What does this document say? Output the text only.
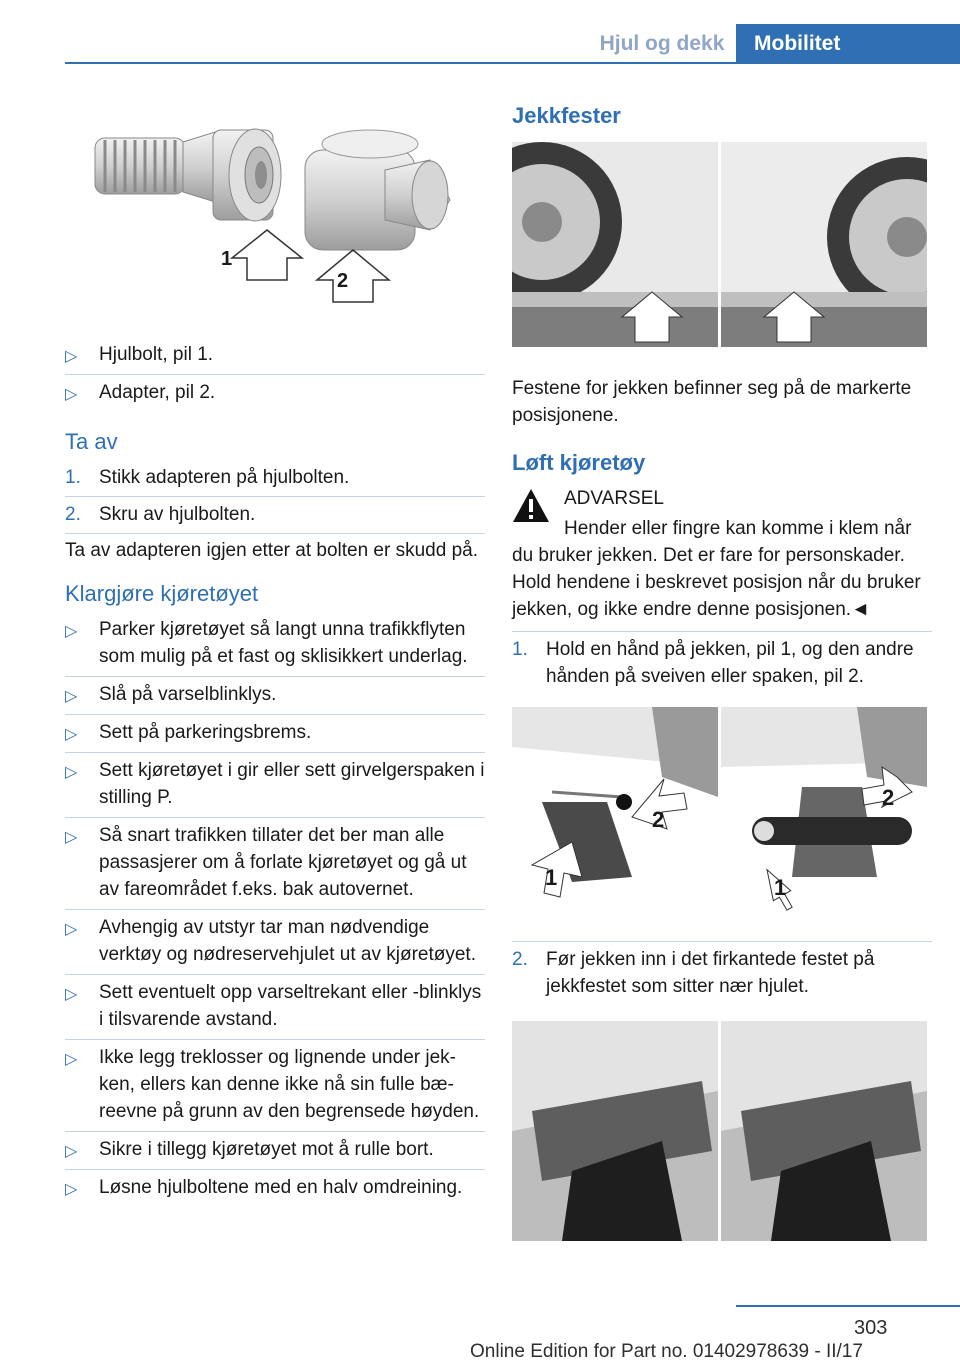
Hjul og dekk	Mobilitet
1
2
▷ Hjulbolt, pil 1.
▷ Adapter, pil 2.
Ta av
1. Stikk adapteren på hjulbolten.
2. Skru av hjulbolten.
Ta av adapteren igjen etter at bolten er skudd på.
Klargjøre kjøretøyet
▷ Parker kjøretøyet så langt unna trafikkflyten som mulig på et fast og sklisikkert underlag.
▷ Slå på varselblinklys.
▷ Sett på parkeringsbrems.
▷ Sett kjøretøyet i gir eller sett girvelgerspaken i stilling P.
▷ Så snart trafikken tillater det ber man alle passasjerer om å forlate kjøretøyet og gå ut av fareområdet f.eks. bak autovernet.
▷ Avhengig av utstyr tar man nødvendige verktøy og nødreservehjulet ut av kjøretøyet.
▷ Sett eventuelt opp varseltrekant eller -blinklys i tilsvarende avstand.
▷ Ikke legg treklosser og lignende under jekken, ellers kan denne ikke nå sin fulle bæreevne på grunn av den begrensede høyden.
▷ Sikre i tillegg kjøretøyet mot å rulle bort.
▷ Løsne hjulboltene med en halv omdreining.
Jekkfester
Festene for jekken befinner seg på de markerte posisjonene.
Løft kjøretøy
ADVARSEL
Hender eller fingre kan komme i klem når du bruker jekken. Det er fare for personskader. Hold hendene i beskrevet posisjon når du bruker jekken, og ikke endre denne posisjonen.◄
1. Hold en hånd på jekken, pil 1, og den andre hånden på sveiven eller spaken, pil 2.
1
2
2
1
2. Før jekken inn i det firkantede festet på jekkfestet som sitter nær hjulet.
303
Online Edition for Part no. 01402978639 - II/17
